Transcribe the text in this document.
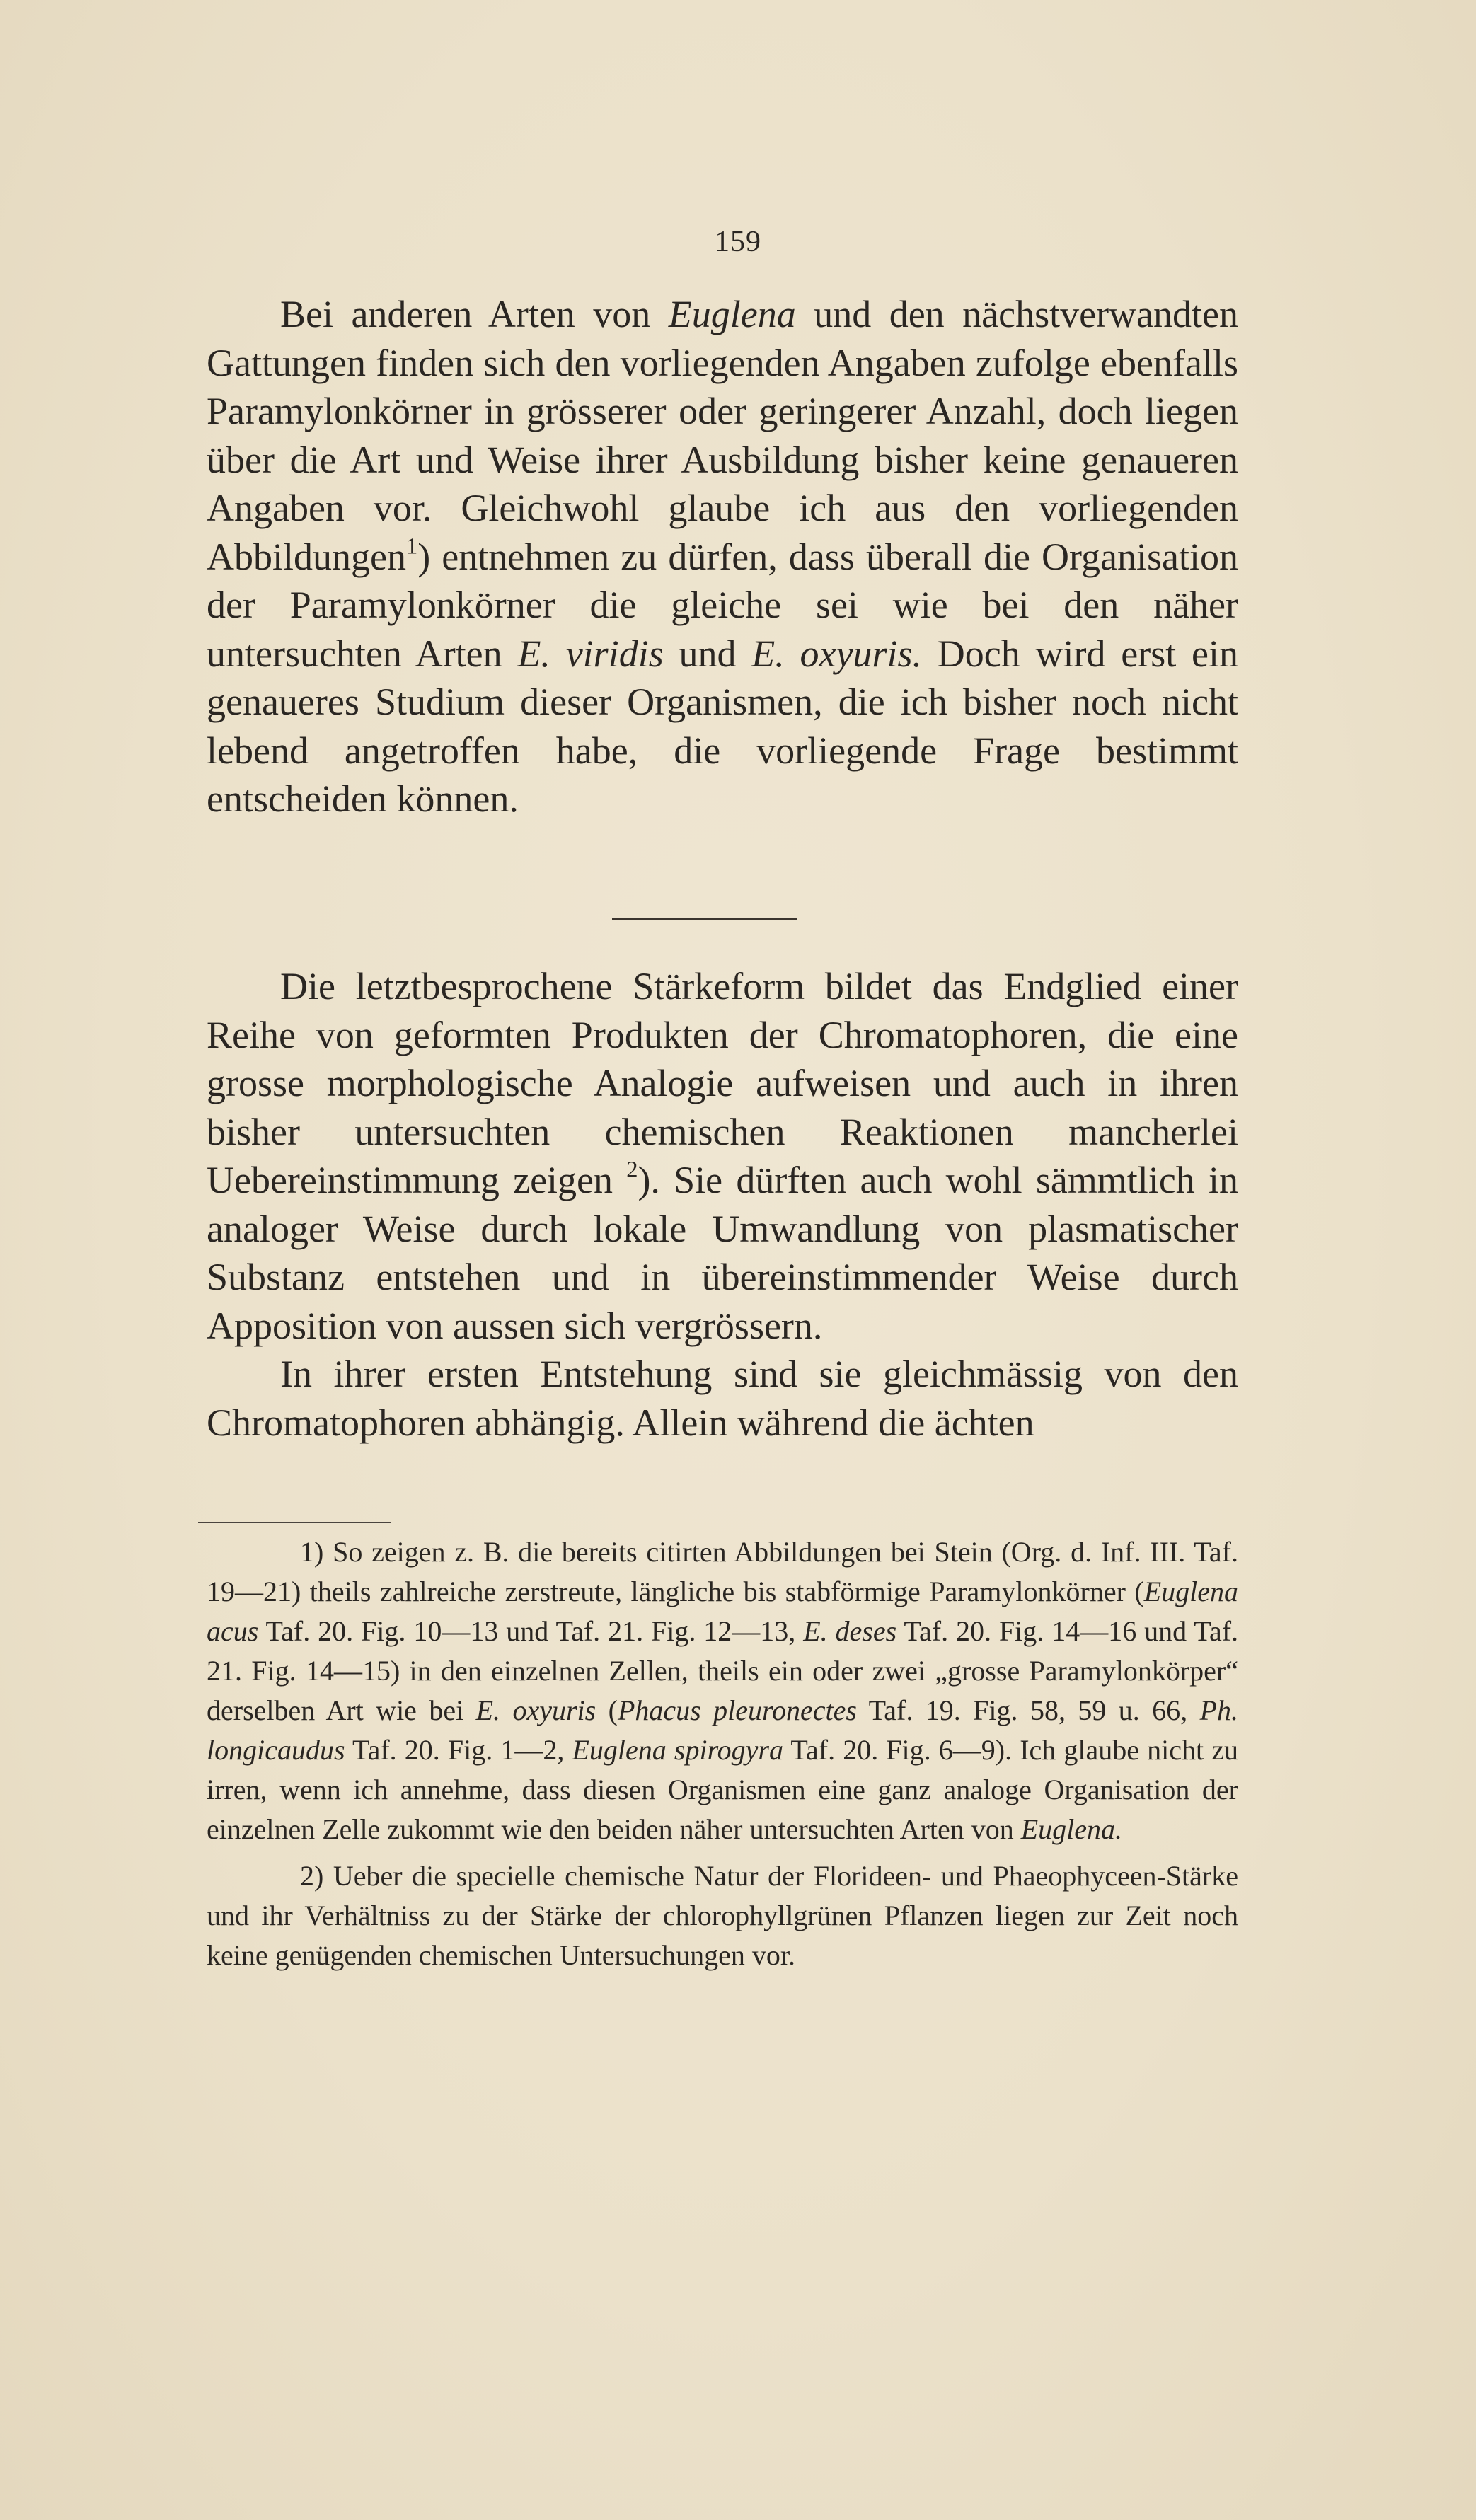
159

Bei anderen Arten von Euglena und den nächstverwandten Gattungen finden sich den vorliegenden Angaben zufolge ebenfalls Paramylonkörner in grösserer oder geringerer Anzahl, doch liegen über die Art und Weise ihrer Ausbildung bisher keine genaueren Angaben vor. Gleichwohl glaube ich aus den vorliegenden Abbildungen$^1$) entnehmen zu dürfen, dass überall die Organisation der Paramylonkörner die gleiche sei wie bei den näher untersuchten Arten E. viridis und E. oxyuris. Doch wird erst ein genaueres Studium dieser Organismen, die ich bisher noch nicht lebend angetroffen habe, die vorliegende Frage bestimmt entscheiden können.

Die letztbesprochene Stärkeform bildet das Endglied einer Reihe von geformten Produkten der Chromatophoren, die eine grosse morphologische Analogie aufweisen und auch in ihren bisher untersuchten chemischen Reaktionen mancherlei Uebereinstimmung zeigen $^2$). Sie dürften auch wohl sämmtlich in analoger Weise durch lokale Umwandlung von plasmatischer Substanz entstehen und in übereinstimmender Weise durch Apposition von aussen sich vergrössern.

In ihrer ersten Entstehung sind sie gleichmässig von den Chromatophoren abhängig. Allein während die ächten

1) So zeigen z. B. die bereits citirten Abbildungen bei Stein (Org. d. Inf. III. Taf. 19—21) theils zahlreiche zerstreute, längliche bis stabförmige Paramylonkörner (Euglena acus Taf. 20. Fig. 10—13 und Taf. 21. Fig. 12—13, E. deses Taf. 20. Fig. 14—16 und Taf. 21. Fig. 14—15) in den einzelnen Zellen, theils ein oder zwei „grosse Paramylonkörper“ derselben Art wie bei E. oxyuris (Phacus pleuronectes Taf. 19. Fig. 58, 59 u. 66, Ph. longicaudus Taf. 20. Fig. 1—2, Euglena spirogyra Taf. 20. Fig. 6—9). Ich glaube nicht zu irren, wenn ich annehme, dass diesen Organismen eine ganz analoge Organisation der einzelnen Zelle zukommt wie den beiden näher untersuchten Arten von Euglena.

2) Ueber die specielle chemische Natur der Florideen- und Phaeophyceen-Stärke und ihr Verhältniss zu der Stärke der chlorophyllgrünen Pflanzen liegen zur Zeit noch keine genügenden chemischen Untersuchungen vor.
